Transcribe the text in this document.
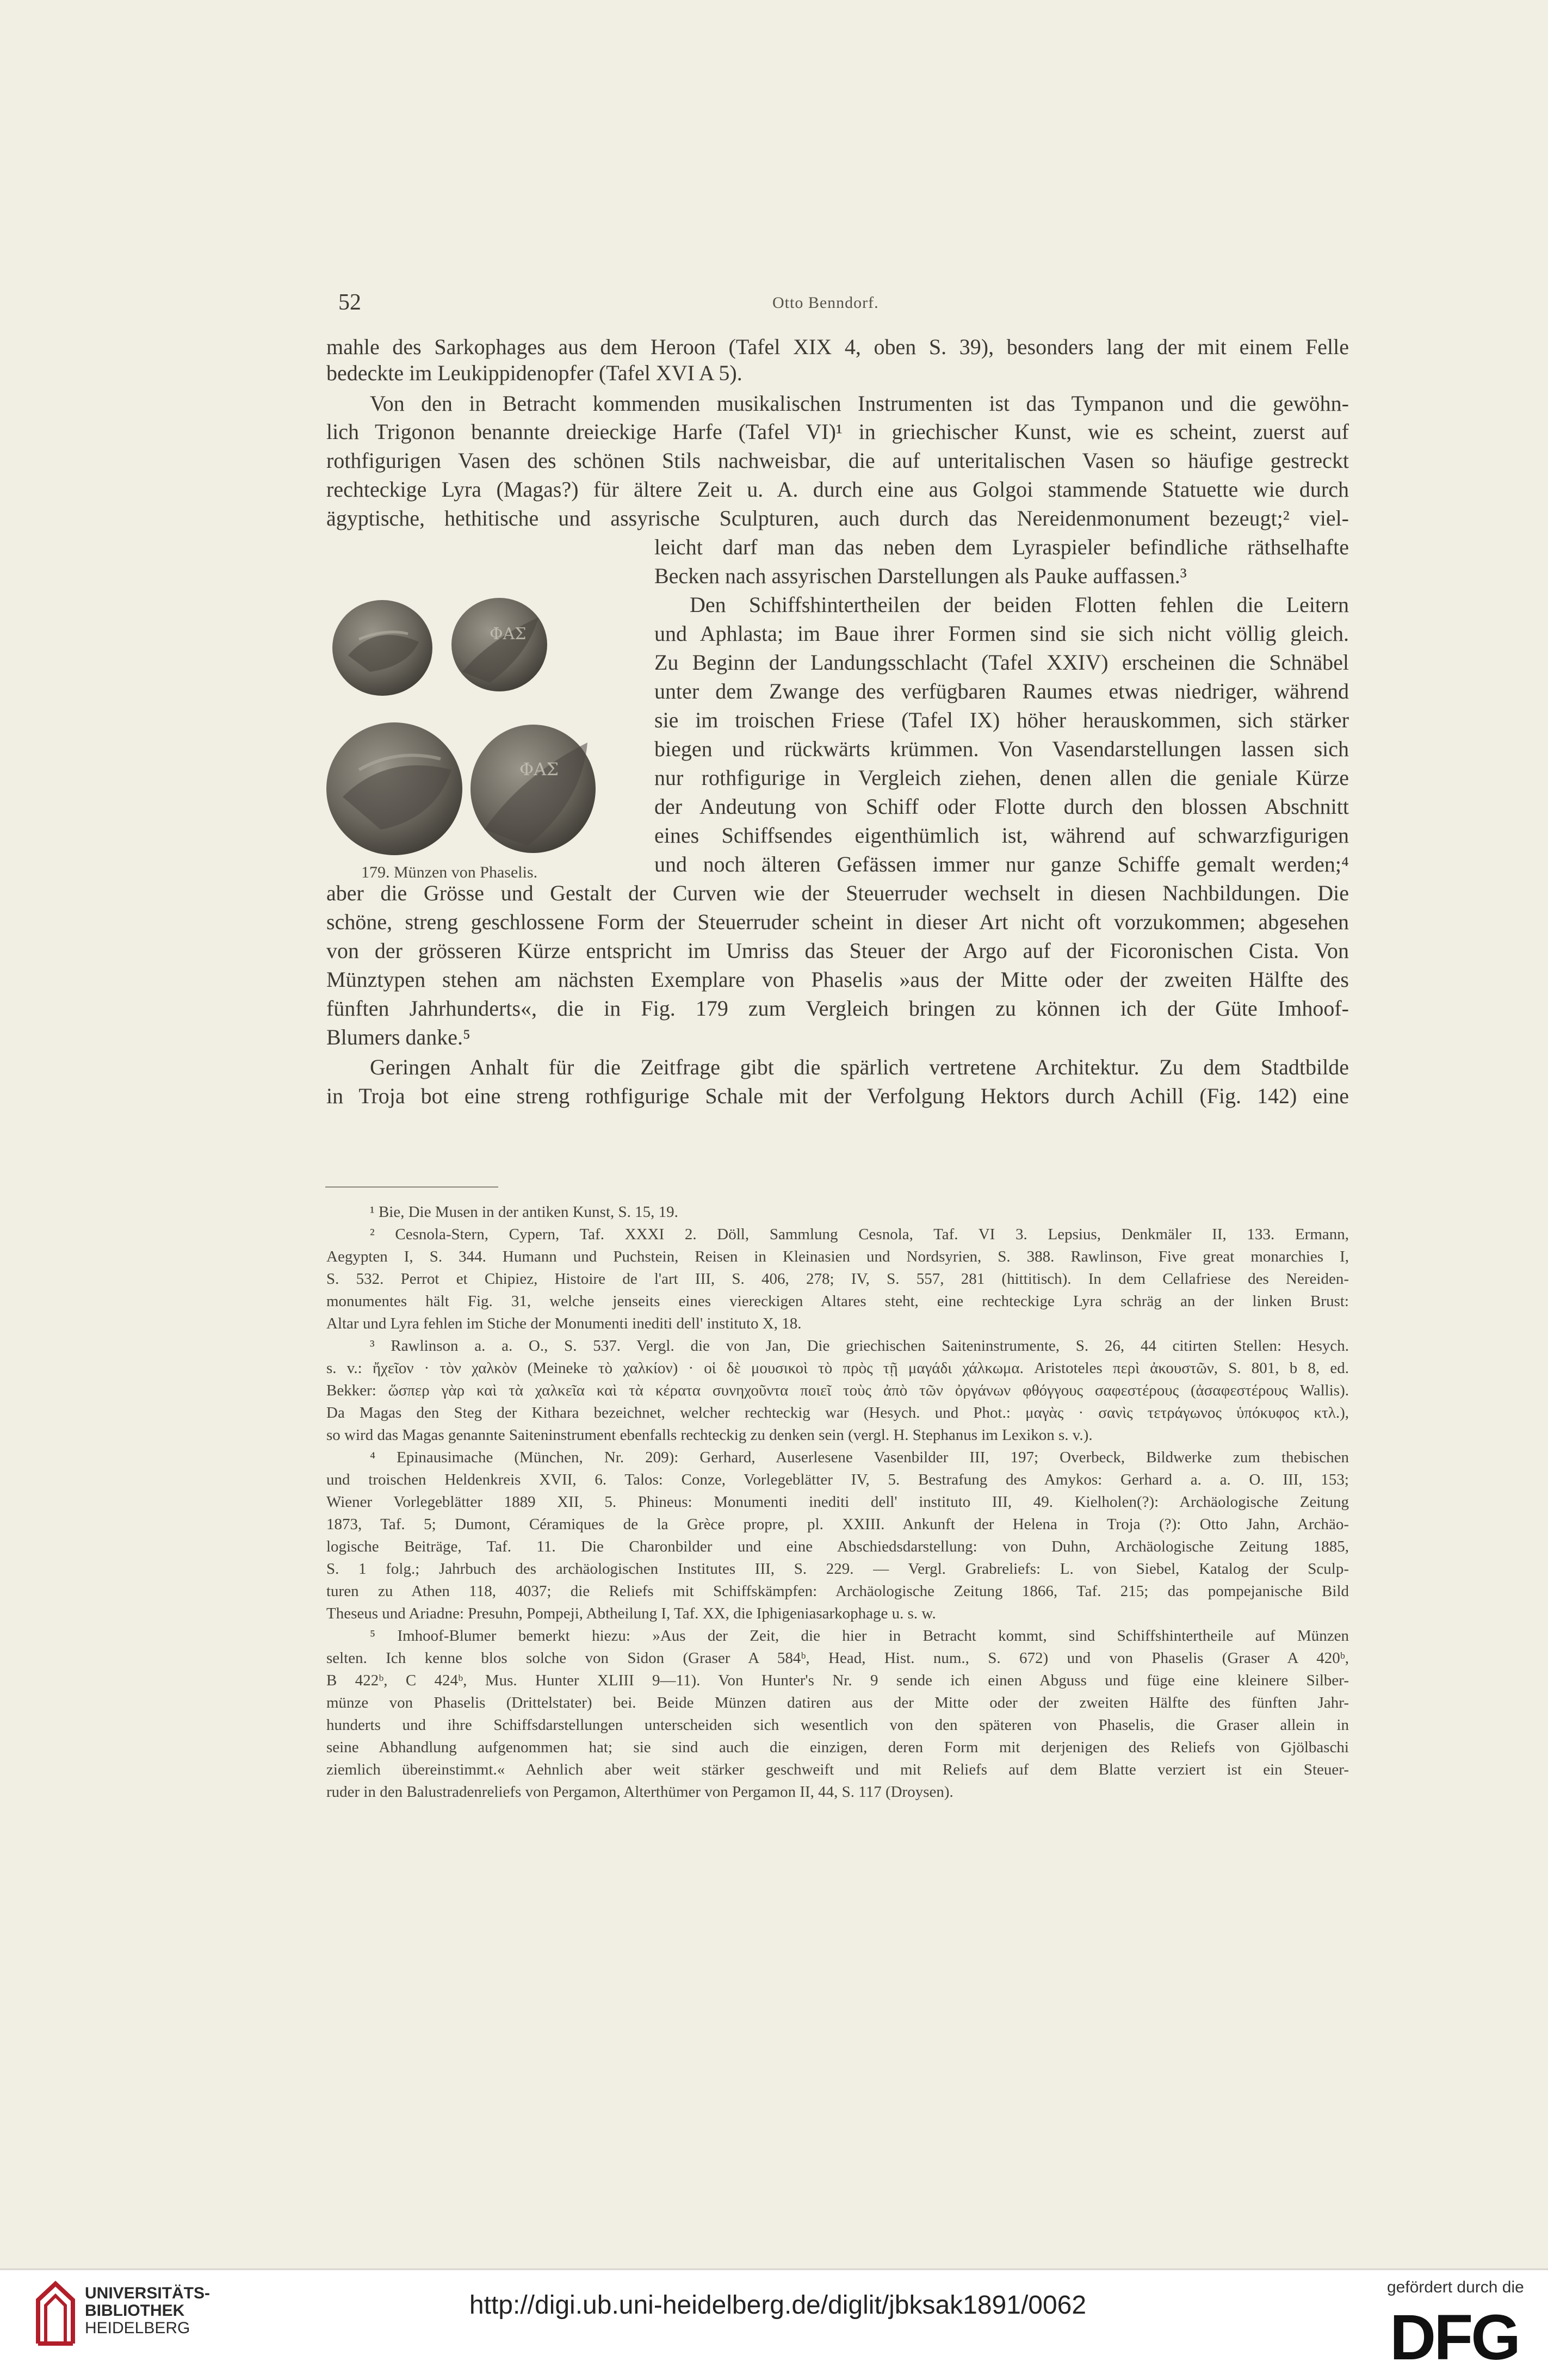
52	Otto Benndorf.
mahle des Sarkophages aus dem Heroon (Tafel XIX 4, oben S. 39), besonders lang der mit einem Felle
bedeckte im Leukippidenopfer (Tafel XVI A 5).
Von den in Betracht kommenden musikalischen Instrumenten ist das Tympanon und die gewöhn-
lich Trigonon benannte dreieckige Harfe (Tafel VI)¹ in griechischer Kunst, wie es scheint, zuerst auf
rothfigurigen Vasen des schönen Stils nachweisbar, die auf unteritalischen Vasen so häufige gestreckt
rechteckige Lyra (Magas?) für ältere Zeit u. A. durch eine aus Golgoi stammende Statuette wie durch
ägyptische, hethitische und assyrische Sculpturen, auch durch das Nereidenmonument bezeugt;² viel-
leicht darf man das neben dem Lyraspieler befindliche räthselhafte
Becken nach assyrischen Darstellungen als Pauke auffassen.³
Den Schiffshintertheilen der beiden Flotten fehlen die Leitern
und Aphlasta; im Baue ihrer Formen sind sie sich nicht völlig gleich.
Zu Beginn der Landungsschlacht (Tafel XXIV) erscheinen die Schnäbel
unter dem Zwange des verfügbaren Raumes etwas niedriger, während
sie im troischen Friese (Tafel IX) höher herauskommen, sich stärker
biegen und rückwärts krümmen. Von Vasendarstellungen lassen sich
nur rothfigurige in Vergleich ziehen, denen allen die geniale Kürze
der Andeutung von Schiff oder Flotte durch den blossen Abschnitt
eines Schiffsendes eigenthümlich ist, während auf schwarzfigurigen
und noch älteren Gefässen immer nur ganze Schiffe gemalt werden;⁴
ΦΑΣ
ΦΑΣ
179. Münzen von Phaselis.
aber die Grösse und Gestalt der Curven wie der Steuerruder wechselt in diesen Nachbildungen. Die
schöne, streng geschlossene Form der Steuerruder scheint in dieser Art nicht oft vorzukommen; abgesehen
von der grösseren Kürze entspricht im Umriss das Steuer der Argo auf der Ficoronischen Cista. Von
Münztypen stehen am nächsten Exemplare von Phaselis »aus der Mitte oder der zweiten Hälfte des
fünften Jahrhunderts«, die in Fig. 179 zum Vergleich bringen zu können ich der Güte Imhoof-
Blumers danke.⁵
Geringen Anhalt für die Zeitfrage gibt die spärlich vertretene Architektur. Zu dem Stadtbilde
in Troja bot eine streng rothfigurige Schale mit der Verfolgung Hektors durch Achill (Fig. 142) eine
¹ Bie, Die Musen in der antiken Kunst, S. 15, 19.
² Cesnola-Stern, Cypern, Taf. XXXI 2. Döll, Sammlung Cesnola, Taf. VI 3. Lepsius, Denkmäler II, 133. Ermann,
Aegypten I, S. 344. Humann und Puchstein, Reisen in Kleinasien und Nordsyrien, S. 388. Rawlinson, Five great monarchies I,
S. 532. Perrot et Chipiez, Histoire de l'art III, S. 406, 278; IV, S. 557, 281 (hittitisch). In dem Cellafriese des Nereiden-
monumentes hält Fig. 31, welche jenseits eines viereckigen Altares steht, eine rechteckige Lyra schräg an der linken Brust:
Altar und Lyra fehlen im Stiche der Monumenti inediti dell' instituto X, 18.
³ Rawlinson a. a. O., S. 537. Vergl. die von Jan, Die griechischen Saiteninstrumente, S. 26, 44 citirten Stellen: Hesych.
s. v.: ἤχεῖον · τὸν χαλκὸν (Meineke τὸ χαλκίον) · οἱ δὲ μουσικοὶ τὸ πρὸς τῇ μαγάδι χάλκωμα. Aristoteles περὶ ἀκουστῶν, S. 801, b 8, ed.
Bekker: ὥσπερ γὰρ καὶ τὰ χαλκεῖα καὶ τὰ κέρατα συνηχοῦντα ποιεῖ τοὺς ἀπὸ τῶν ὀργάνων φθόγγους σαφεστέρους (ἀσαφεστέρους Wallis).
Da Magas den Steg der Kithara bezeichnet, welcher rechteckig war (Hesych. und Phot.: μαγὰς · σανὶς τετράγωνος ὑπόκυφος κτλ.),
so wird das Magas genannte Saiteninstrument ebenfalls rechteckig zu denken sein (vergl. H. Stephanus im Lexikon s. v.).
⁴ Epinausimache (München, Nr. 209): Gerhard, Auserlesene Vasenbilder III, 197; Overbeck, Bildwerke zum thebischen
und troischen Heldenkreis XVII, 6. Talos: Conze, Vorlegeblätter IV, 5. Bestrafung des Amykos: Gerhard a. a. O. III, 153;
Wiener Vorlegeblätter 1889 XII, 5. Phineus: Monumenti inediti dell' instituto III, 49. Kielholen(?): Archäologische Zeitung
1873, Taf. 5; Dumont, Céramiques de la Grèce propre, pl. XXIII. Ankunft der Helena in Troja (?): Otto Jahn, Archäo-
logische Beiträge, Taf. 11. Die Charonbilder und eine Abschiedsdarstellung: von Duhn, Archäologische Zeitung 1885,
S. 1 folg.; Jahrbuch des archäologischen Institutes III, S. 229. — Vergl. Grabreliefs: L. von Siebel, Katalog der Sculp-
turen zu Athen 118, 4037; die Reliefs mit Schiffskämpfen: Archäologische Zeitung 1866, Taf. 215; das pompejanische Bild
Theseus und Ariadne: Presuhn, Pompeji, Abtheilung I, Taf. XX, die Iphigeniasarkophage u. s. w.
⁵ Imhoof-Blumer bemerkt hiezu: »Aus der Zeit, die hier in Betracht kommt, sind Schiffshintertheile auf Münzen
selten. Ich kenne blos solche von Sidon (Graser A 584ᵇ, Head, Hist. num., S. 672) und von Phaselis (Graser A 420ᵇ,
B 422ᵇ, C 424ᵇ, Mus. Hunter XLIII 9—11). Von Hunter's Nr. 9 sende ich einen Abguss und füge eine kleinere Silber-
münze von Phaselis (Drittelstater) bei. Beide Münzen datiren aus der Mitte oder der zweiten Hälfte des fünften Jahr-
hunderts und ihre Schiffsdarstellungen unterscheiden sich wesentlich von den späteren von Phaselis, die Graser allein in
seine Abhandlung aufgenommen hat; sie sind auch die einzigen, deren Form mit derjenigen des Reliefs von Gjölbaschi
ziemlich übereinstimmt.« Aehnlich aber weit stärker geschweift und mit Reliefs auf dem Blatte verziert ist ein Steuer-
ruder in den Balustradenreliefs von Pergamon, Alterthümer von Pergamon II, 44, S. 117 (Droysen).
UNIVERSITÄTS-
BIBLIOTHEK
HEIDELBERG
http://digi.ub.uni-heidelberg.de/diglit/jbksak1891/0062
gefördert durch die
DFG
